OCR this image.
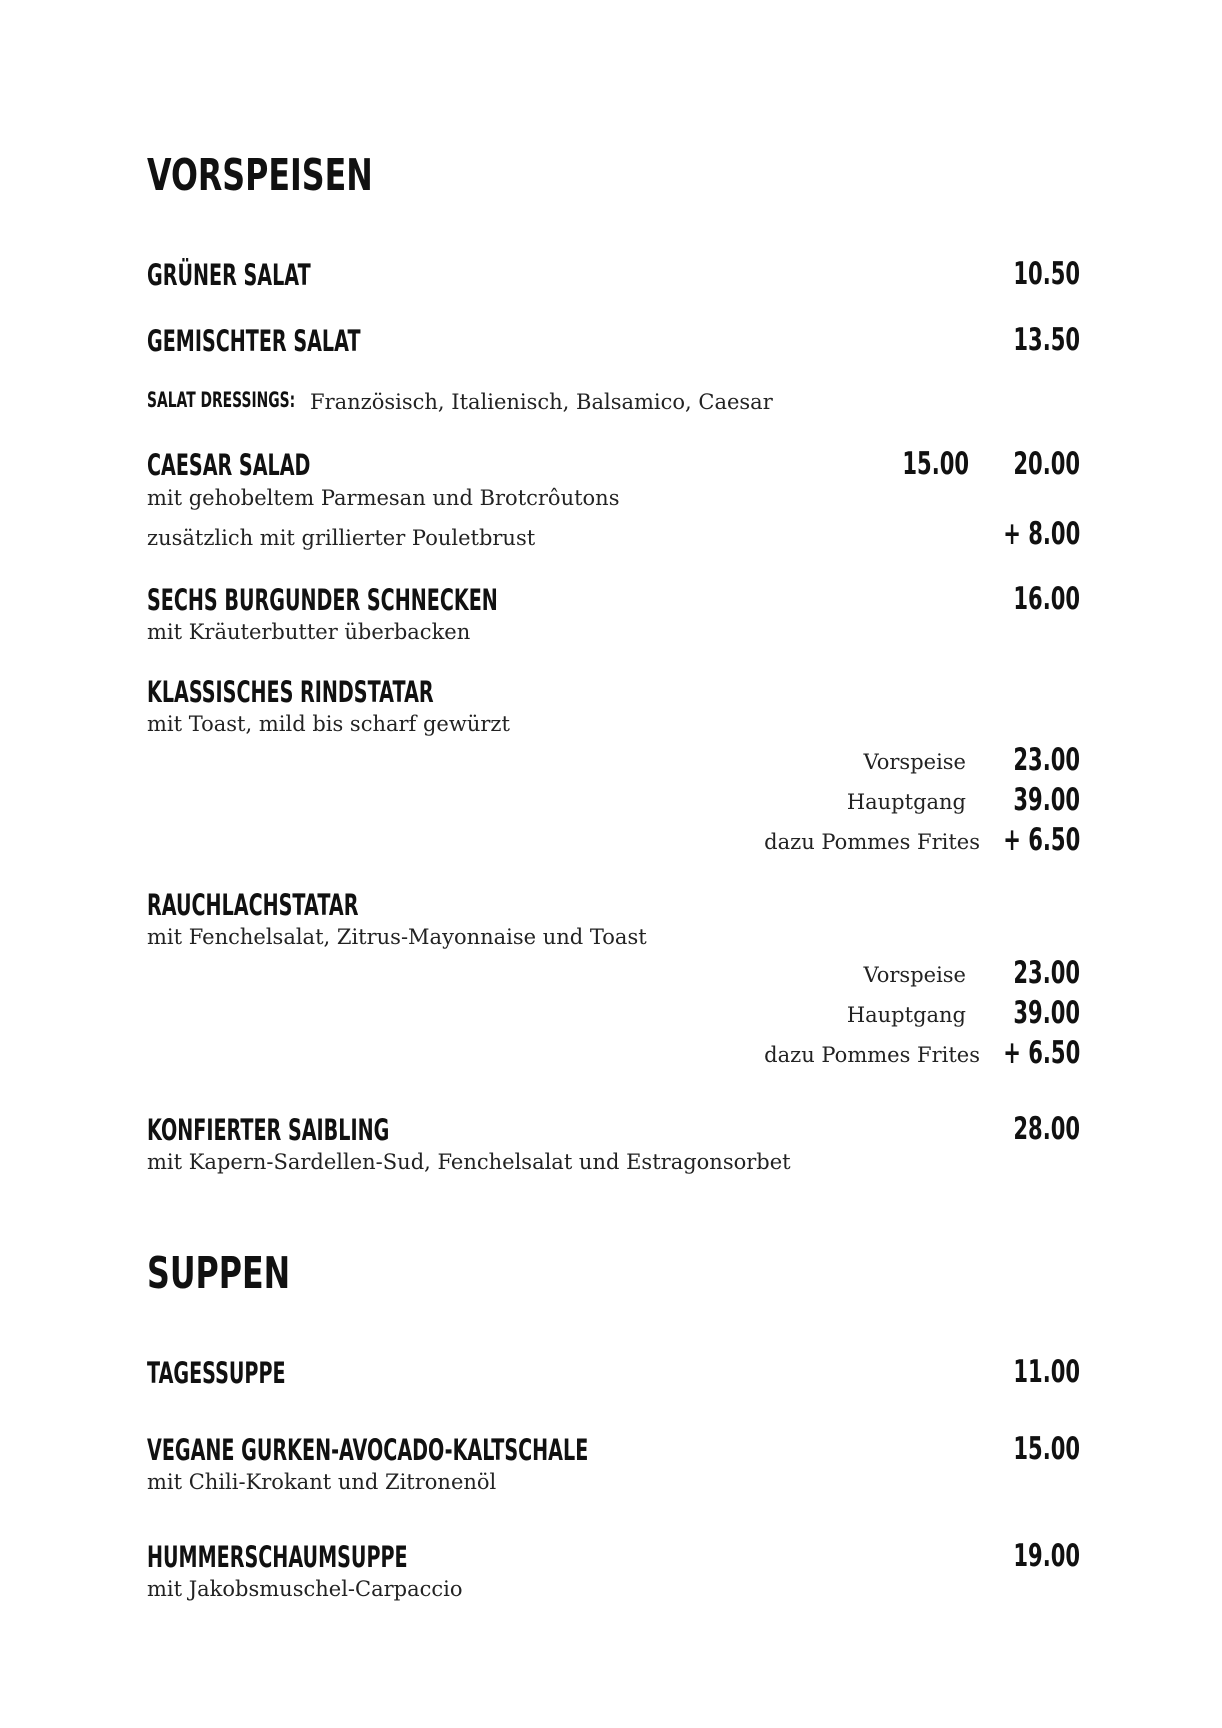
VORSPEISEN
GRÜNER SALAT	10.50
GEMISCHTER SALAT	13.50
SALAT DRESSINGS: Französisch, Italienisch, Balsamico, Caesar
CAESAR SALAD	15.00 20.00
mit gehobeltem Parmesan und Brotcrôutons
zusätzlich mit grillierter Pouletbrust	+ 8.00
SECHS BURGUNDER SCHNECKEN	16.00
mit Kräuterbutter überbacken
KLASSISCHES RINDSTATAR
mit Toast, mild bis scharf gewürzt
Vorspeise 23.00
Hauptgang 39.00
dazu Pommes Frites + 6.50
RAUCHLACHSTATAR
mit Fenchelsalat, Zitrus-Mayonnaise und Toast
Vorspeise 23.00
Hauptgang 39.00
dazu Pommes Frites + 6.50
KONFIERTER SAIBLING	28.00
mit Kapern-Sardellen-Sud, Fenchelsalat und Estragonsorbet
SUPPEN
TAGESSUPPE	11.00
VEGANE GURKEN-AVOCADO-KALTSCHALE	15.00
mit Chili-Krokant und Zitronenöl
HUMMERSCHAUMSUPPE	19.00
mit Jakobsmuschel-Carpaccio
